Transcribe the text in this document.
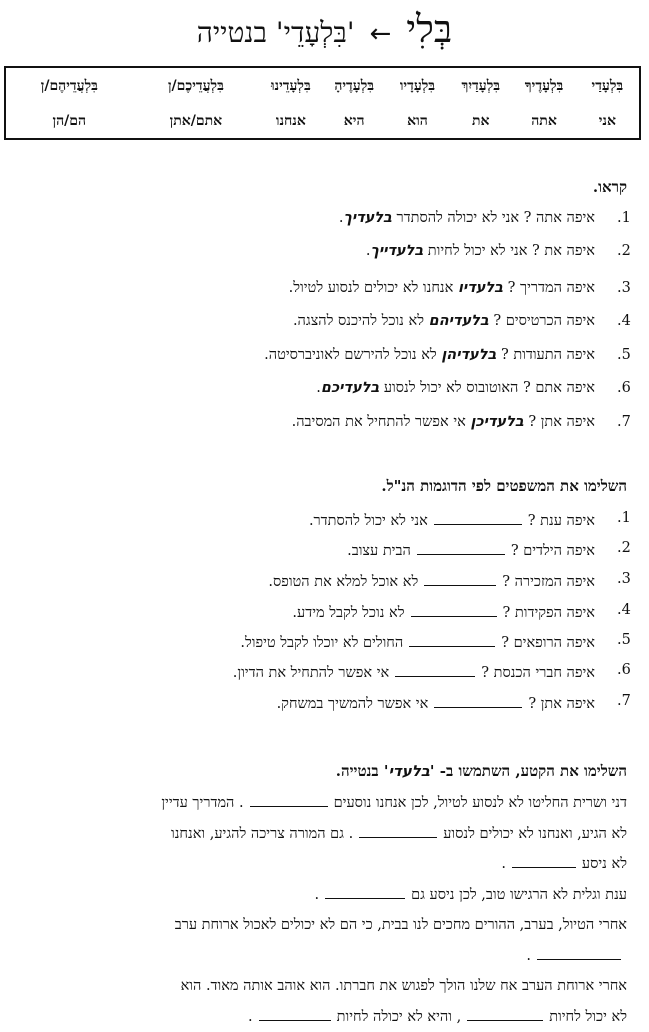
בְּלִי ← 'בִּלְעָדֵי' בנטייה
בִּלְעָדַי
בִּלְעָדֶיךָ
בִּלְעָדַיִךְ
בִּלְעָדָיו
בִּלְעָדֶיהָ
בִּלְעָדֵינוּ
בִּלְעֲדֵיכֶם/ן
בִּלְעֲדֵיהֶם/ן
אני
אתה
את
הוא
היא
אנחנו
אתם/אתן
הם/הן
קראו.
1.
איפה אתה ? אני לא יכולה להסתדר בלעדיך.
2.
איפה את ? אני לא יכול לחיות בלעדייך.
3.
איפה המדריך ? בלעדיו אנחנו לא יכולים לנסוע לטיול.
4.
איפה הכרטיסים ? בלעדיהם לא נוכל להיכנס להצגה.
5.
איפה התעודות ? בלעדיהן לא נוכל להירשם לאוניברסיטה.
6.
איפה אתם ? האוטובוס לא יכול לנסוע בלעדיכם.
7.
איפה אתן ? בלעדיכן אי אפשר להתחיל את המסיבה.
השלימו את המשפטים לפי הדוגמות הנ"ל.
1.
איפה ענת ?אני לא יכול להסתדר.
2.
איפה הילדים ?הבית עצוב.
3.
איפה המזכירה ?לא אוכל למלא את הטופס.
4.
איפה הפקידות ?לא נוכל לקבל מידע.
5.
איפה הרופאים ?החולים לא יוכלו לקבל טיפול.
6.
איפה חברי הכנסת ?אי אפשר להתחיל את הדיון.
7.
איפה אתן ?אי אפשר להמשיך במשחק.
השלימו את הקטע, השתמשו ב- 'בלעדי' בנטייה.
דני ושרית החליטו לא לנסוע לטיול, לכן אנחנו נוסעים. המדריך עדיין
לא הגיע, ואנחנו לא יכולים לנסוע. גם המורה צריכה להגיע, ואנחנו
לא ניסע.
ענת וגלית לא הרגישו טוב, לכן ניסע גם.
אחרי הטיול, בערב, ההורים מחכים לנו בבית, כי הם לא יכולים לאכול ארוחת ערב
.
אחרי ארוחת הערב אח שלנו הולך לפגוש את חברתו. הוא אוהב אותה מאוד. הוא
לא יכול לחיות, והיא לא יכולה לחיות.
